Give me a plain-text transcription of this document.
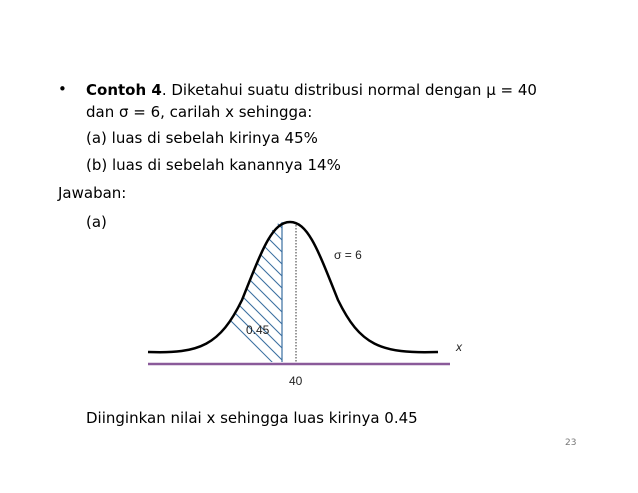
• Contoh 4. Diketahui suatu distribusi normal dengan μ = 40
dan σ = 6, carilah x sehingga:
(a) luas di sebelah kirinya 45%
(b) luas di sebelah kanannya 14%
Jawaban:
(a)
σ = 6
0.45
x
40
Diinginkan nilai x sehingga luas kirinya 0.45
23
